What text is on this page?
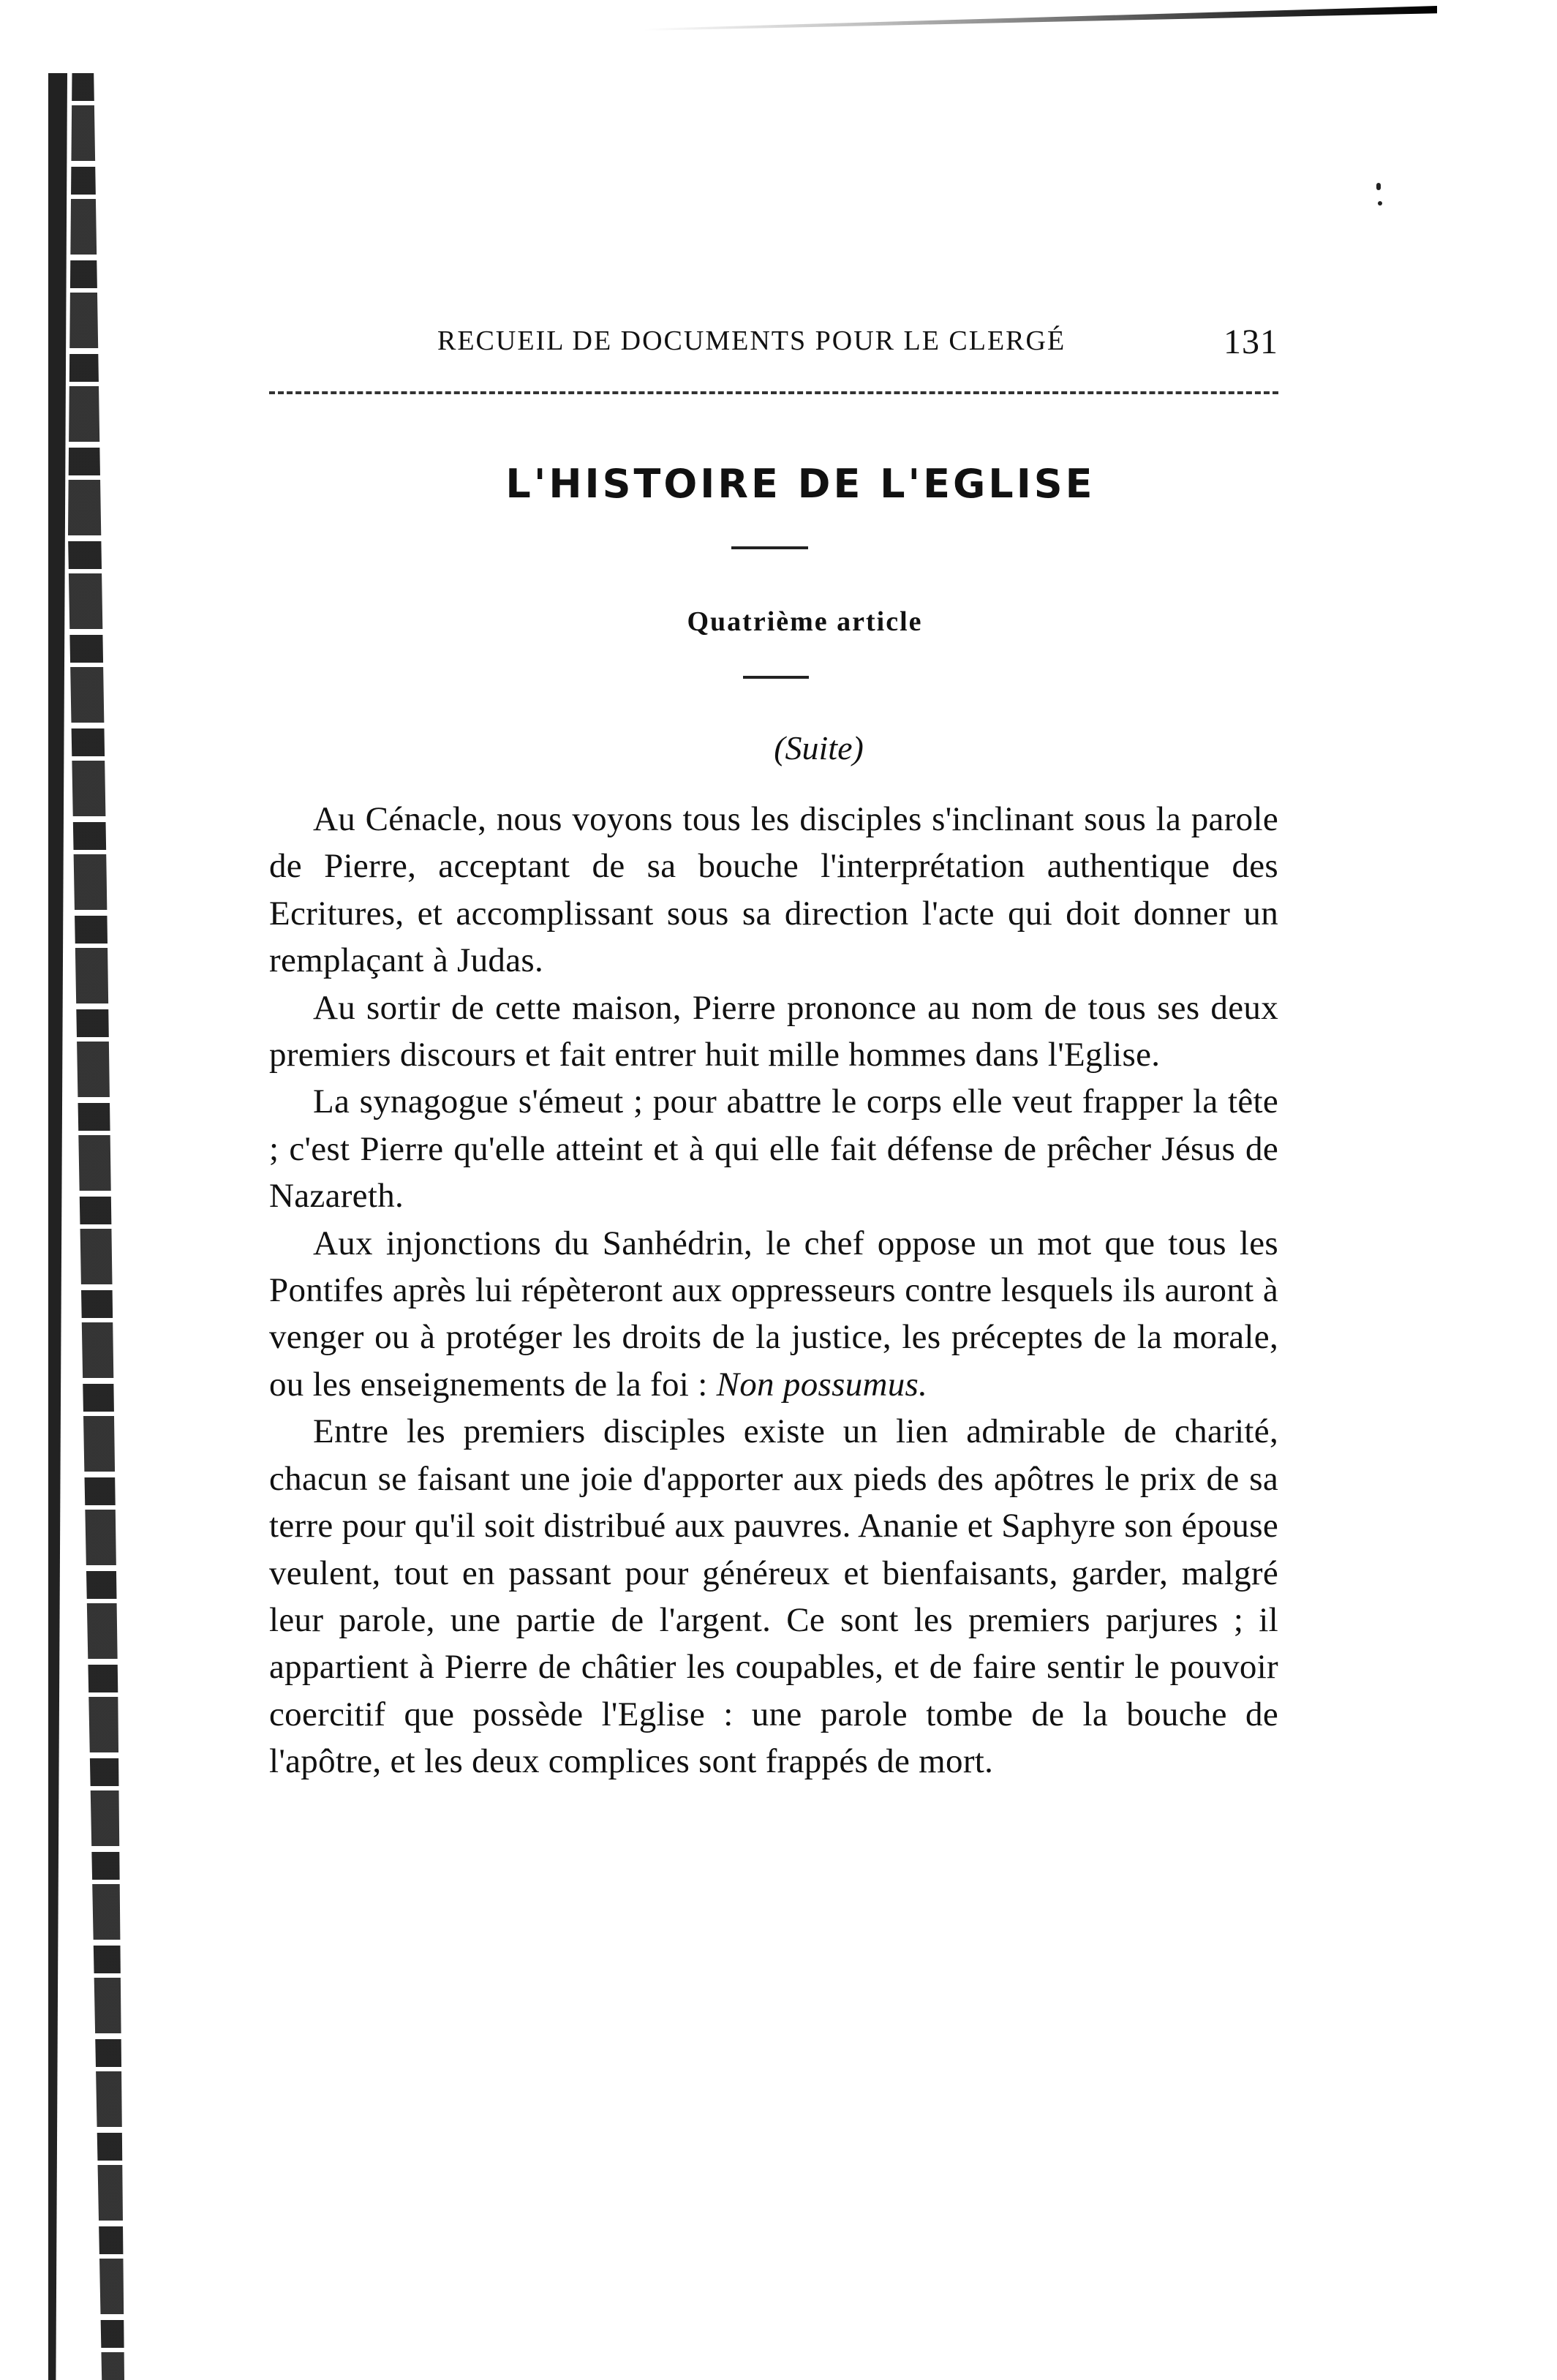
RECUEIL DE DOCUMENTS POUR LE CLERGÉ	131
L'HISTOIRE DE L'EGLISE
Quatrième article
(Suite)

Au Cénacle, nous voyons tous les disciples s'inclinant sous la parole de Pierre, acceptant de sa bouche l'interprétation authentique des Ecritures, et accomplissant sous sa direction l'acte qui doit donner un remplaçant à Judas.

Au sortir de cette maison, Pierre prononce au nom de tous ses deux premiers discours et fait entrer huit mille hommes dans l'Eglise.

La synagogue s'émeut ; pour abattre le corps elle veut frapper la tête ; c'est Pierre qu'elle atteint et à qui elle fait défense de prêcher Jésus de Nazareth.

Aux injonctions du Sanhédrin, le chef oppose un mot que tous les Pontifes après lui répèteront aux oppresseurs contre lesquels ils auront à venger ou à protéger les droits de la justice, les préceptes de la morale, ou les enseignements de la foi : Non possumus.

Entre les premiers disciples existe un lien admirable de charité, chacun se faisant une joie d'apporter aux pieds des apôtres le prix de sa terre pour qu'il soit distribué aux pauvres. Ananie et Saphyre son épouse veulent, tout en passant pour généreux et bienfaisants, garder, malgré leur parole, une partie de l'argent. Ce sont les premiers parjures ; il appartient à Pierre de châtier les coupables, et de faire sentir le pouvoir coercitif que possède l'Eglise : une parole tombe de la bouche de l'apôtre, et les deux complices sont frappés de mort.
